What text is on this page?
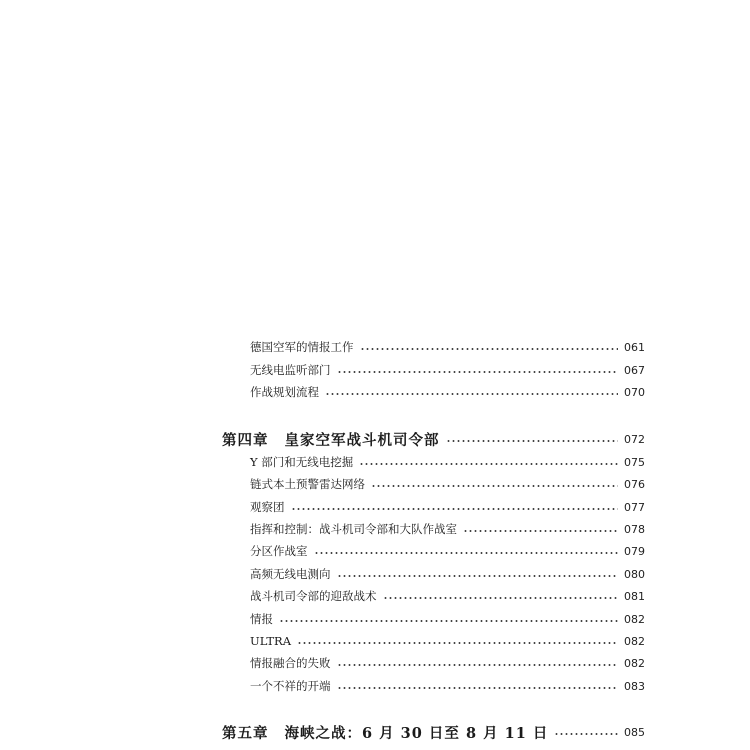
德国空军的情报工作	061
无线电监听部门	067
作战规划流程	070
第四章 皇家空军战斗机司令部	072
Y 部门和无线电挖掘	075
链式本土预警雷达网络	076
观察团	077
指挥和控制：战斗机司令部和大队作战室	078
分区作战室	079
高频无线电测向	080
战斗机司令部的迎敌战术	081
情报	082
ULTRA	082
情报融合的失败	082
一个不祥的开端	083
第五章 海峡之战：6 月 30 日至 8 月 11 日	085
